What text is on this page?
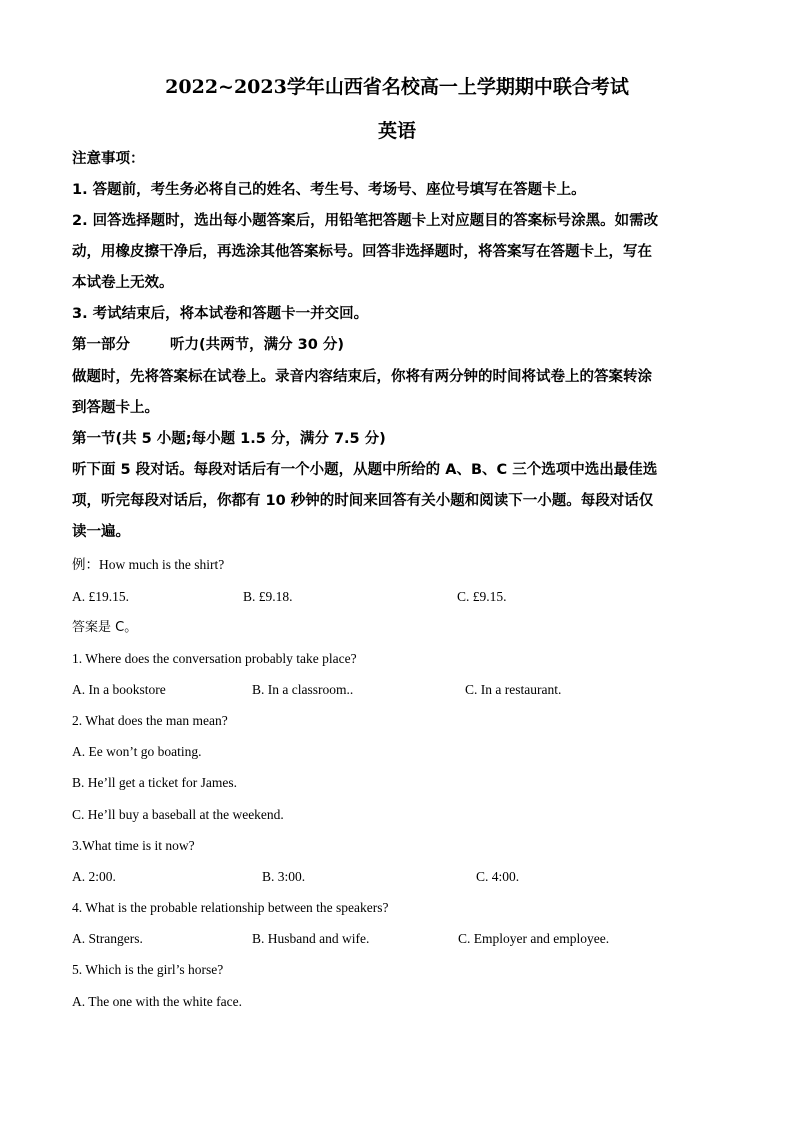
2022~2023学年山西省名校高一上学期期中联合考试
英语
注意事项：
1. 答题前，考生务必将自己的姓名、考生号、考场号、座位号填写在答题卡上。
2. 回答选择题时，选出每小题答案后，用铅笔把答题卡上对应题目的答案标号涂黑。如需改
动，用橡皮擦干净后，再选涂其他答案标号。回答非选择题时，将答案写在答题卡上，写在
本试卷上无效。
3. 考试结束后，将本试卷和答题卡一并交回。
第一部分	听力(共两节，满分 30 分)
做题时，先将答案标在试卷上。录音内容结束后，你将有两分钟的时间将试卷上的答案转涂
到答题卡上。
第一节(共 5 小题;每小题 1.5 分，满分 7.5 分)
听下面 5 段对话。每段对话后有一个小题，从题中所给的 A、B、C 三个选项中选出最佳选
项，听完每段对话后，你都有 10 秒钟的时间来回答有关小题和阅读下一小题。每段对话仅
读一遍。
例：How much is the shirt?
A. £19.15.	B. £9.18.	C. £9.15.
答案是 C。
1. Where does the conversation probably take place?
A. In a bookstore	B. In a classroom..	C. In a restaurant.
2. What does the man mean?
A. Ee won’t go boating.
B. He’ll get a ticket for James.
C. He’ll buy a baseball at the weekend.
3.What time is it now?
A. 2:00.	B. 3:00.	C. 4:00.
4. What is the probable relationship between the speakers?
A. Strangers.	B. Husband and wife.	C. Employer and employee.
5. Which is the girl’s horse?
A. The one with the white face.
